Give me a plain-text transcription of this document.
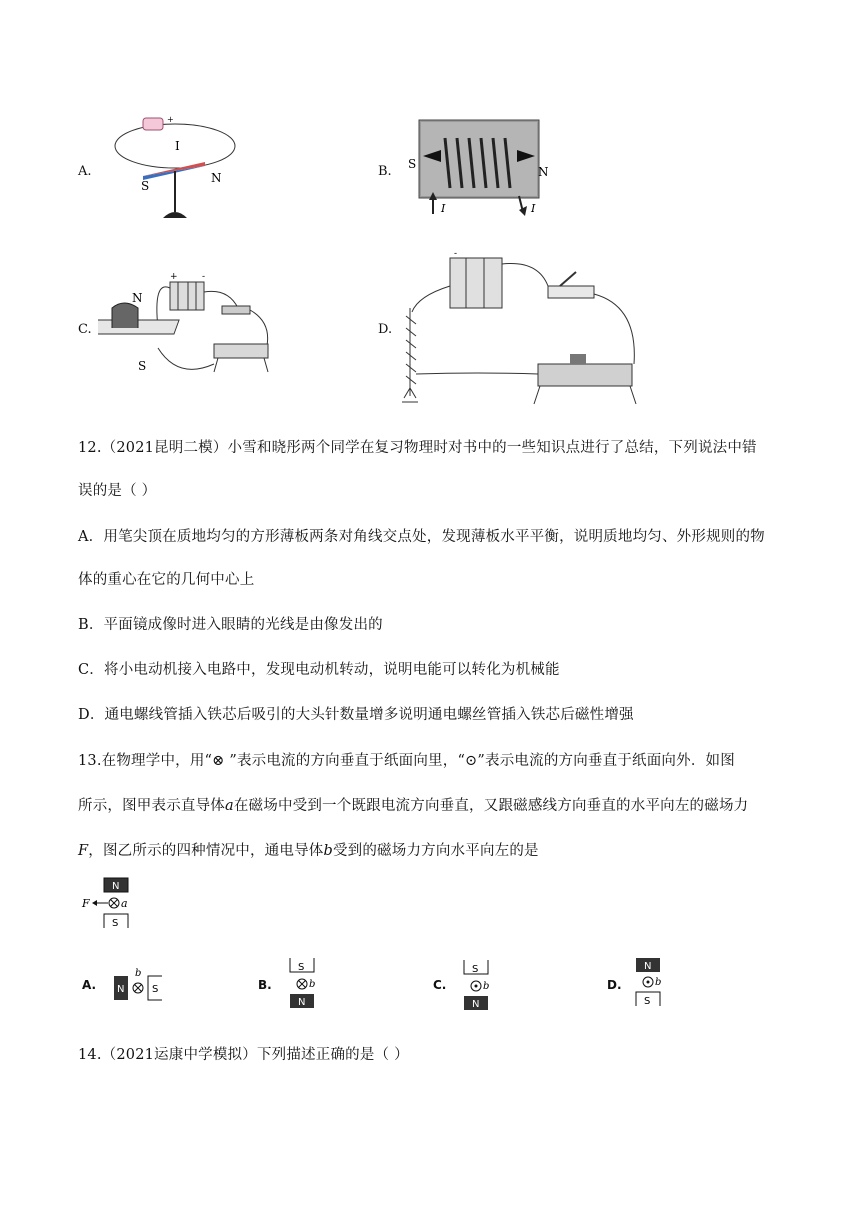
A.
+
I
S
N	B. S
N
I	I
C.
+	-
N
S
D.
-
12.（2021昆明二模）小雪和晓彤两个同学在复习物理时对书中的一些知识点进行了总结，下列说法中错
误的是（ ）
A．用笔尖顶在质地均匀的方形薄板两条对角线交点处，发现薄板水平平衡，说明质地均匀、外形规则的物
体的重心在它的几何中心上
B．平面镜成像时进入眼睛的光线是由像发出的
C．将小电动机接入电路中，发现电动机转动，说明电能可以转化为机械能
D．通电螺线管插入铁芯后吸引的大头针数量增多说明通电螺丝管插入铁芯后磁性增强
13.在物理学中，用“⊗ ”表示电流的方向垂直于纸面向里，“⊙”表示电流的方向垂直于纸面向外．如图
所示，图甲表示直导体a在磁场中受到一个既跟电流方向垂直，又跟磁感线方向垂直的水平向左的磁场力
F，图乙所示的四种情况中，通电导体b受到的磁场力方向水平向左的是
N
S
F	a
A. N
b
S	B.
S
b
N
C.
S
b
N
D.
N
b
S
14.（2021运康中学模拟）下列描述正确的是（ ）
